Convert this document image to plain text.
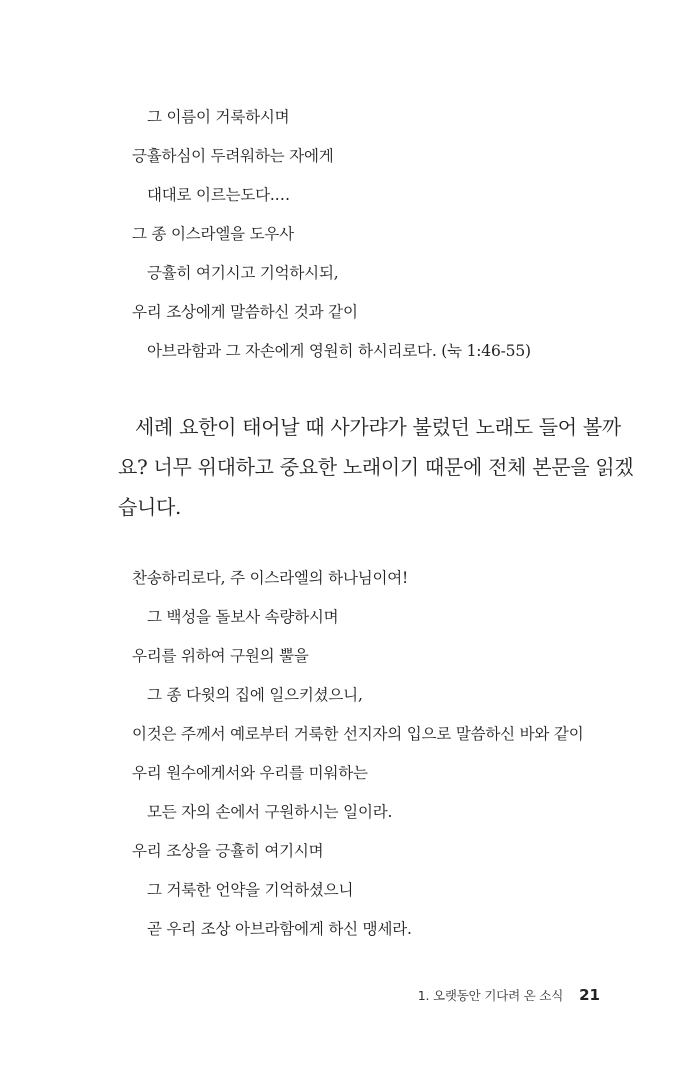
그 이름이 거룩하시며
긍휼하심이 두려워하는 자에게
대대로 이르는도다.…
그 종 이스라엘을 도우사
긍휼히 여기시고 기억하시되,
우리 조상에게 말씀하신 것과 같이
아브라함과 그 자손에게 영원히 하시리로다. (눅 1:46-55)
세례 요한이 태어날 때 사가랴가 불렀던 노래도 들어 볼까
요? 너무 위대하고 중요한 노래이기 때문에 전체 본문을 읽겠
습니다.
찬송하리로다, 주 이스라엘의 하나님이여!
그 백성을 돌보사 속량하시며
우리를 위하여 구원의 뿔을
그 종 다윗의 집에 일으키셨으니,
이것은 주께서 예로부터 거룩한 선지자의 입으로 말씀하신 바와 같이
우리 원수에게서와 우리를 미워하는
모든 자의 손에서 구원하시는 일이라.
우리 조상을 긍휼히 여기시며
그 거룩한 언약을 기억하셨으니
곧 우리 조상 아브라함에게 하신 맹세라.
1. 오랫동안 기다려 온 소식 21
